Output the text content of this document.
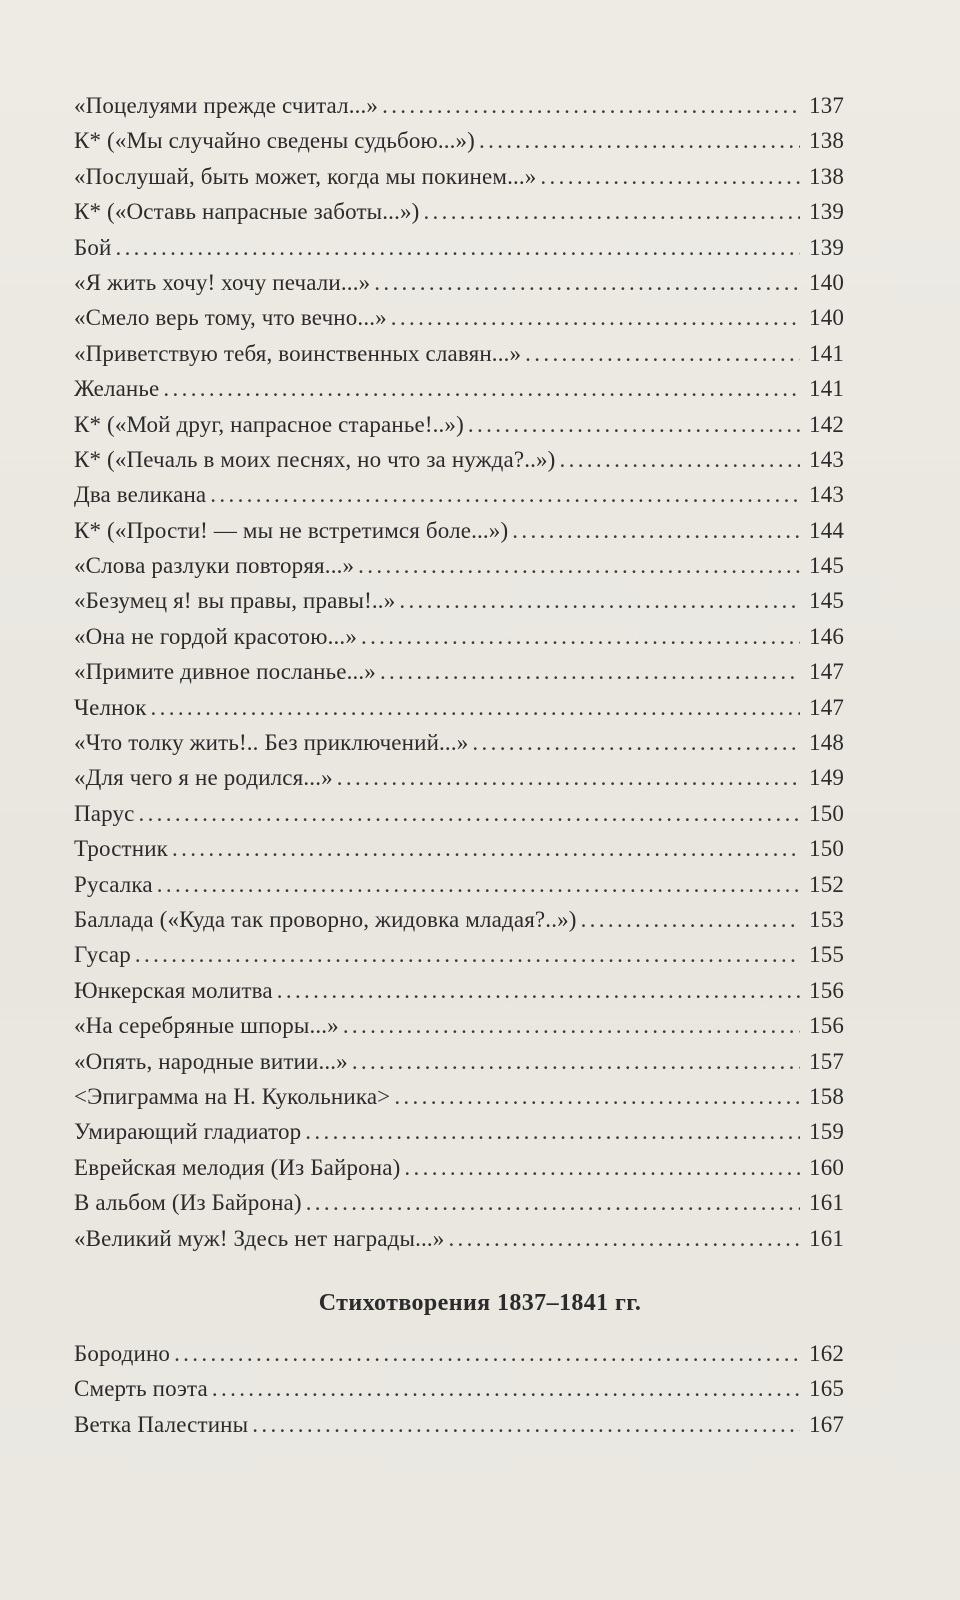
«Поцелуями прежде считал...» . . .	137
К* («Мы случайно сведены судьбою...») . . .	138
«Послушай, быть может, когда мы покинем...» . . .	138
К* («Оставь напрасные заботы...») . . .	139
Бой . . .	139
«Я жить хочу! хочу печали...» . . .	140
«Смело верь тому, что вечно...» . . .	140
«Приветствую тебя, воинственных славян...» . . .	141
Желанье . . .	141
К* («Мой друг, напрасное старанье!..») . . .	142
К* («Печаль в моих песнях, но что за нужда?..») . . .	143
Два великана . . .	143
К* («Прости! — мы не встретимся боле...») . . .	144
«Слова разлуки повторяя...» . . .	145
«Безумец я! вы правы, правы!..» . . .	145
«Она не гордой красотою...» . . .	146
«Примите дивное посланье...» . . .	147
Челнок . . .	147
«Что толку жить!.. Без приключений...» . . .	148
«Для чего я не родился...» . . .	149
Парус . . .	150
Тростник . . .	150
Русалка . . .	152
Баллада («Куда так проворно, жидовка младая?..») . . .	153
Гусар . . .	155
Юнкерская молитва . . .	156
«На серебряные шпоры...» . . .	156
«Опять, народные витии...» . . .	157
<Эпиграмма на Н. Кукольника> . . .	158
Умирающий гладиатор . . .	159
Еврейская мелодия (Из Байрона) . . .	160
В альбом (Из Байрона) . . .	161
«Великий муж! Здесь нет награды...» . . .	161
Стихотворения 1837–1841 гг.
Бородино . . .	162
Смерть поэта . . .	165
Ветка Палестины . . .	167
